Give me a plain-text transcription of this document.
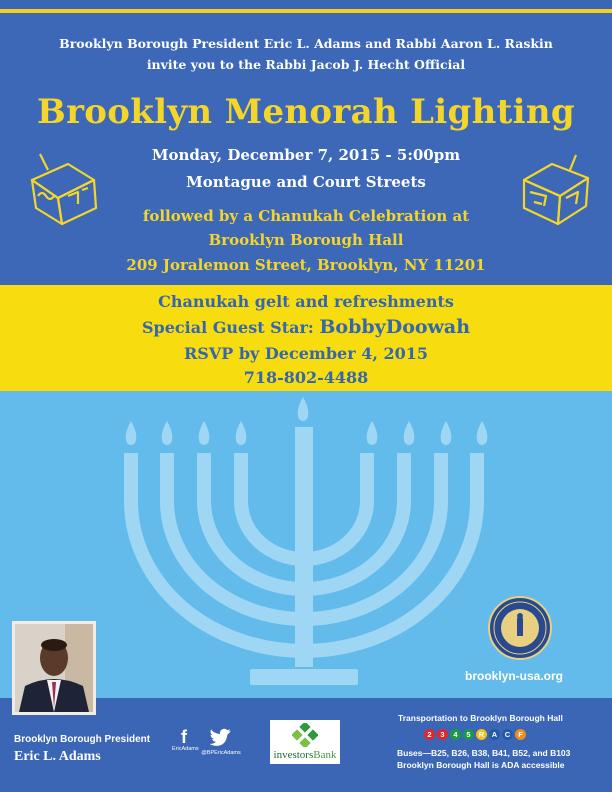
Brooklyn Borough President Eric L. Adams and Rabbi Aaron L. Raskin
invite you to the Rabbi Jacob J. Hecht Official
Brooklyn Menorah Lighting
Monday, December 7, 2015 - 5:00pm
Montague and Court Streets
followed by a Chanukah Celebration at
Brooklyn Borough Hall
209 Joralemon Street, Brooklyn, NY 11201
Chanukah gelt and refreshments
Special Guest Star: BobbyDoowah
RSVP by December 4, 2015
718-802-4488
brooklyn-usa.org
Brooklyn Borough President
Eric L. Adams
f
EricAdams
@BPEricAdams	investorsBank
Transportation to Brooklyn Borough Hall
2	3	4	5	R	A	C	F
Buses—B25, B26, B38, B41, B52, and B103
Brooklyn Borough Hall is ADA accessible
